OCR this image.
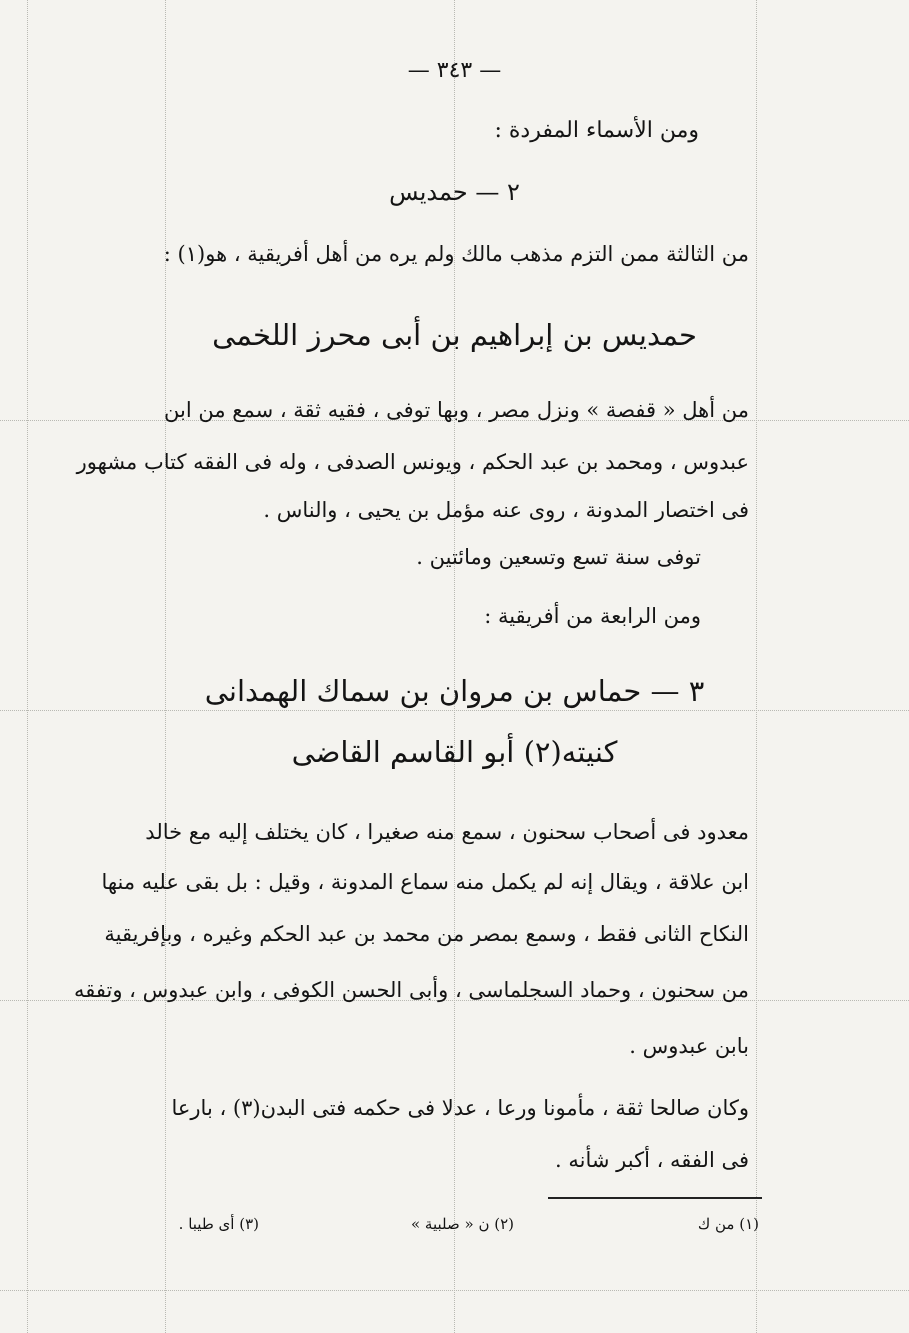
— ٣٤٣ —
ومن الأسماء المفردة :
٢ — حمديس
من الثالثة ممن التزم مذهب مالك ولم يره من أهل أفريقية ، هو(١) :
حمديس بن إبراهيم بن أبى محرز اللخمى
من أهل « قفصة » ونزل مصر ، وبها توفى ، فقيه ثقة ، سمع من ابن
عبدوس ، ومحمد بن عبد الحكم ، ويونس الصدفى ، وله فى الفقه كتاب مشهور
فى اختصار المدونة ، روى عنه مؤمل بن يحيى ، والناس .
توفى سنة تسع وتسعين ومائتين .
ومن الرابعة من أفريقية :
٣ — حماس بن مروان بن سماك الهمدانى
كنيته(٢) أبو القاسم القاضى
معدود فى أصحاب سحنون ، سمع منه صغيرا ، كان يختلف إليه مع خالد
ابن علاقة ، ويقال إنه لم يكمل منه سماع المدونة ، وقيل : بل بقى عليه منها
النكاح الثانى فقط ، وسمع بمصر من محمد بن عبد الحكم وغيره ، وبإفريقية
من سحنون ، وحماد السجلماسى ، وأبى الحسن الكوفى ، وابن عبدوس ، وتفقه
بابن عبدوس .
وكان صالحا ثقة ، مأمونا ورعا ، عدلا فى حكمه فتى البدن(٣) ، بارعا
فى الفقه ، أكبر شأنه .
(١) من ك
(٢) ن « صلبية »
(٣) أى طيبا .
